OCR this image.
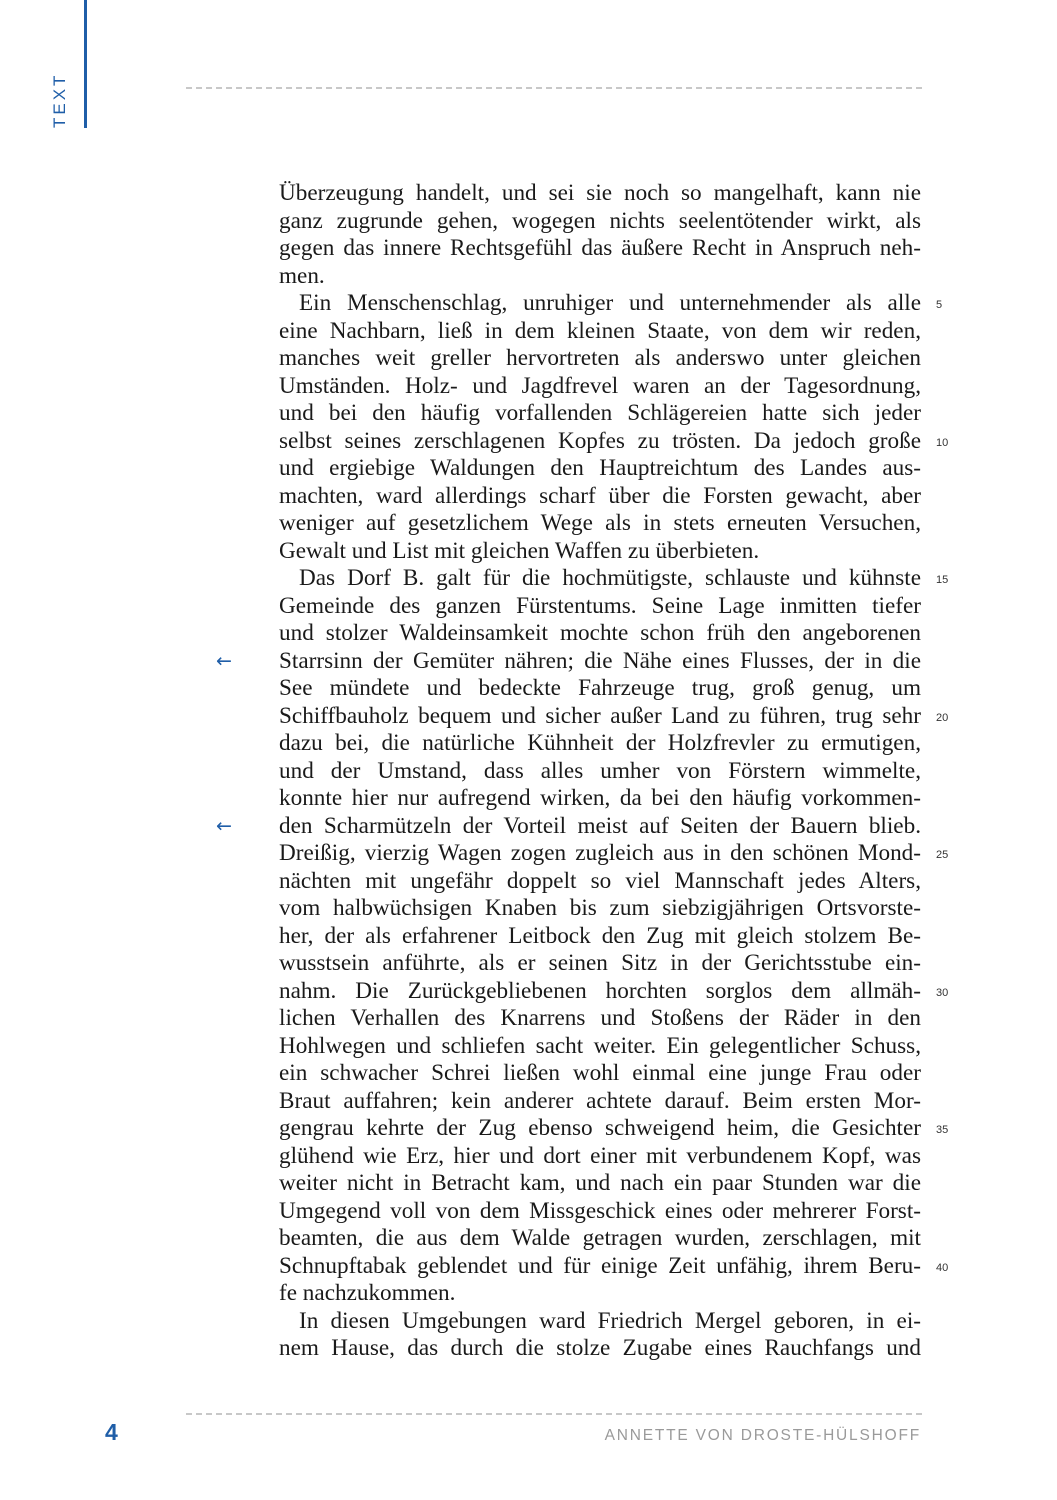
TEXT
Überzeugung handelt, und sei sie noch so mangelhaft, kann nie
ganz zugrunde gehen, wogegen nichts seelentötender wirkt, als
gegen das innere Rechtsgefühl das äußere Recht in Anspruch neh-
men.
Ein Menschenschlag, unruhiger und unternehmender als alle
eine Nachbarn, ließ in dem kleinen Staate, von dem wir reden,
manches weit greller hervortreten als anderswo unter gleichen
Umständen. Holz- und Jagdfrevel waren an der Tagesordnung,
und bei den häufig vorfallenden Schlägereien hatte sich jeder
selbst seines zerschlagenen Kopfes zu trösten. Da jedoch große
und ergiebige Waldungen den Hauptreichtum des Landes aus-
machten, ward allerdings scharf über die Forsten gewacht, aber
weniger auf gesetzlichem Wege als in stets erneuten Versuchen,
Gewalt und List mit gleichen Waffen zu überbieten.
Das Dorf B. galt für die hochmütigste, schlauste und kühnste
Gemeinde des ganzen Fürstentums. Seine Lage inmitten tiefer
und stolzer Waldeinsamkeit mochte schon früh den angeborenen
Starrsinn der Gemüter nähren; die Nähe eines Flusses, der in die
See mündete und bedeckte Fahrzeuge trug, groß genug, um
Schiffbauholz bequem und sicher außer Land zu führen, trug sehr
dazu bei, die natürliche Kühnheit der Holzfrevler zu ermutigen,
und der Umstand, dass alles umher von Förstern wimmelte,
konnte hier nur aufregend wirken, da bei den häufig vorkommen-
den Scharmützeln der Vorteil meist auf Seiten der Bauern blieb.
Dreißig, vierzig Wagen zogen zugleich aus in den schönen Mond-
nächten mit ungefähr doppelt so viel Mannschaft jedes Alters,
vom halbwüchsigen Knaben bis zum siebzigjährigen Ortsvorste-
her, der als erfahrener Leitbock den Zug mit gleich stolzem Be-
wusstsein anführte, als er seinen Sitz in der Gerichtsstube ein-
nahm. Die Zurückgebliebenen horchten sorglos dem allmäh-
lichen Verhallen des Knarrens und Stoßens der Räder in den
Hohlwegen und schliefen sacht weiter. Ein gelegentlicher Schuss,
ein schwacher Schrei ließen wohl einmal eine junge Frau oder
Braut auffahren; kein anderer achtete darauf. Beim ersten Mor-
gengrau kehrte der Zug ebenso schweigend heim, die Gesichter
glühend wie Erz, hier und dort einer mit verbundenem Kopf, was
weiter nicht in Betracht kam, und nach ein paar Stunden war die
Umgegend voll von dem Missgeschick eines oder mehrerer Forst-
beamten, die aus dem Walde getragen wurden, zerschlagen, mit
Schnupftabak geblendet und für einige Zeit unfähig, ihrem Beru-
fe nachzukommen.
In diesen Umgebungen ward Friedrich Mergel geboren, in ei-
nem Hause, das durch die stolze Zugabe eines Rauchfangs und
5
10
15
20
25
30
35
40
←
←
4	ANNETTE VON DROSTE-HÜLSHOFF
